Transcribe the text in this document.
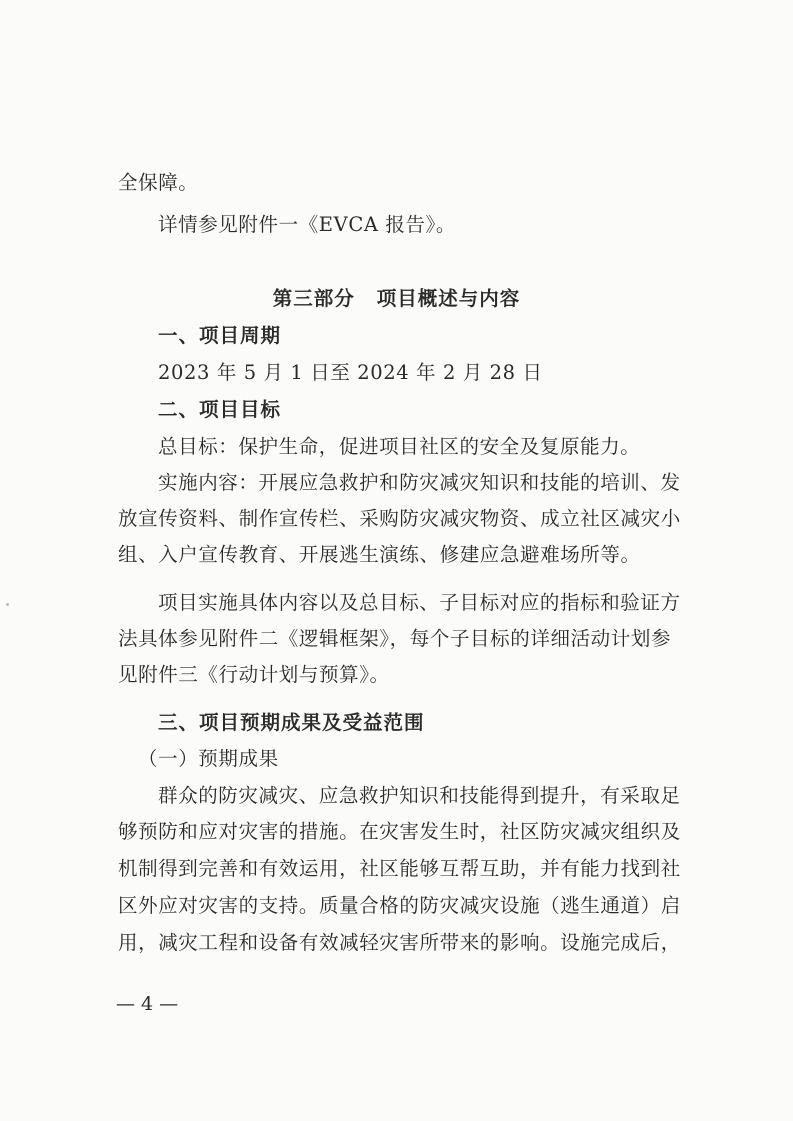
全保障。
详情参见附件一《EVCA 报告》。
第三部分 项目概述与内容
一、项目周期
2023 年 5 月 1 日至 2024 年 2 月 28 日
二、项目目标
总目标：保护生命，促进项目社区的安全及复原能力。
实施内容：开展应急救护和防灾减灾知识和技能的培训、发
放宣传资料、制作宣传栏、采购防灾减灾物资、成立社区减灾小
组、入户宣传教育、开展逃生演练、修建应急避难场所等。
项目实施具体内容以及总目标、子目标对应的指标和验证方
法具体参见附件二《逻辑框架》，每个子目标的详细活动计划参
见附件三《行动计划与预算》。
三、项目预期成果及受益范围
（一）预期成果
群众的防灾减灾、应急救护知识和技能得到提升，有采取足
够预防和应对灾害的措施。在灾害发生时，社区防灾减灾组织及
机制得到完善和有效运用，社区能够互帮互助，并有能力找到社
区外应对灾害的支持。质量合格的防灾减灾设施（逃生通道）启
用，减灾工程和设备有效减轻灾害所带来的影响。设施完成后，
— 4 —
